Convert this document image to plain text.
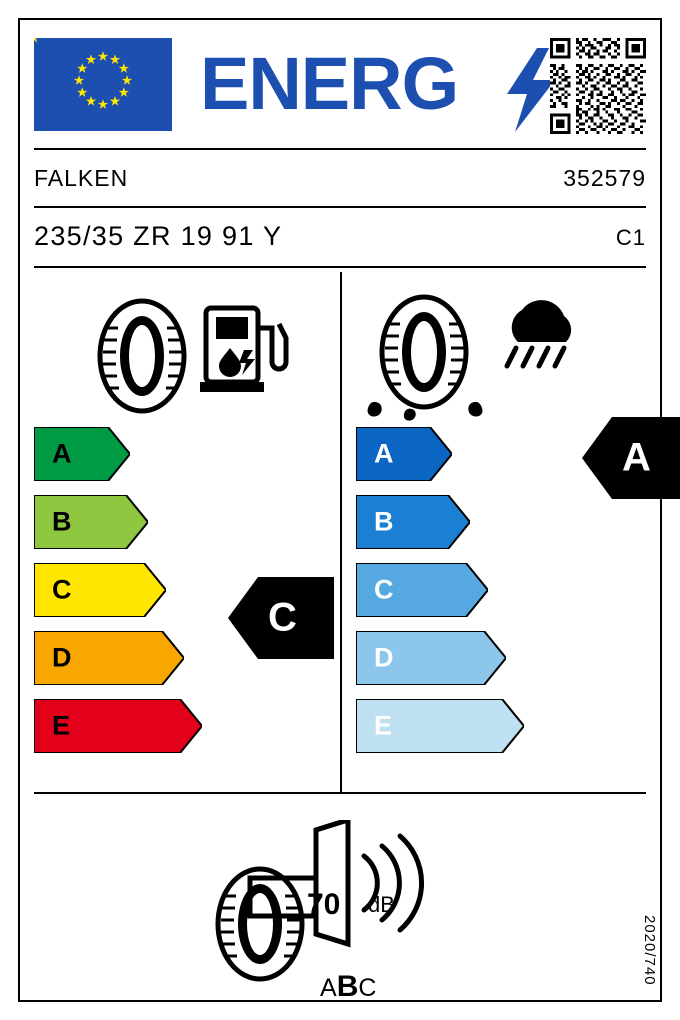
ENERG
FALKEN	352579
235/35 ZR 19 91 Y	C1
A
B
C
D
E
C
A
B
C
D
E
A
70 dB
ABC
2020/740
